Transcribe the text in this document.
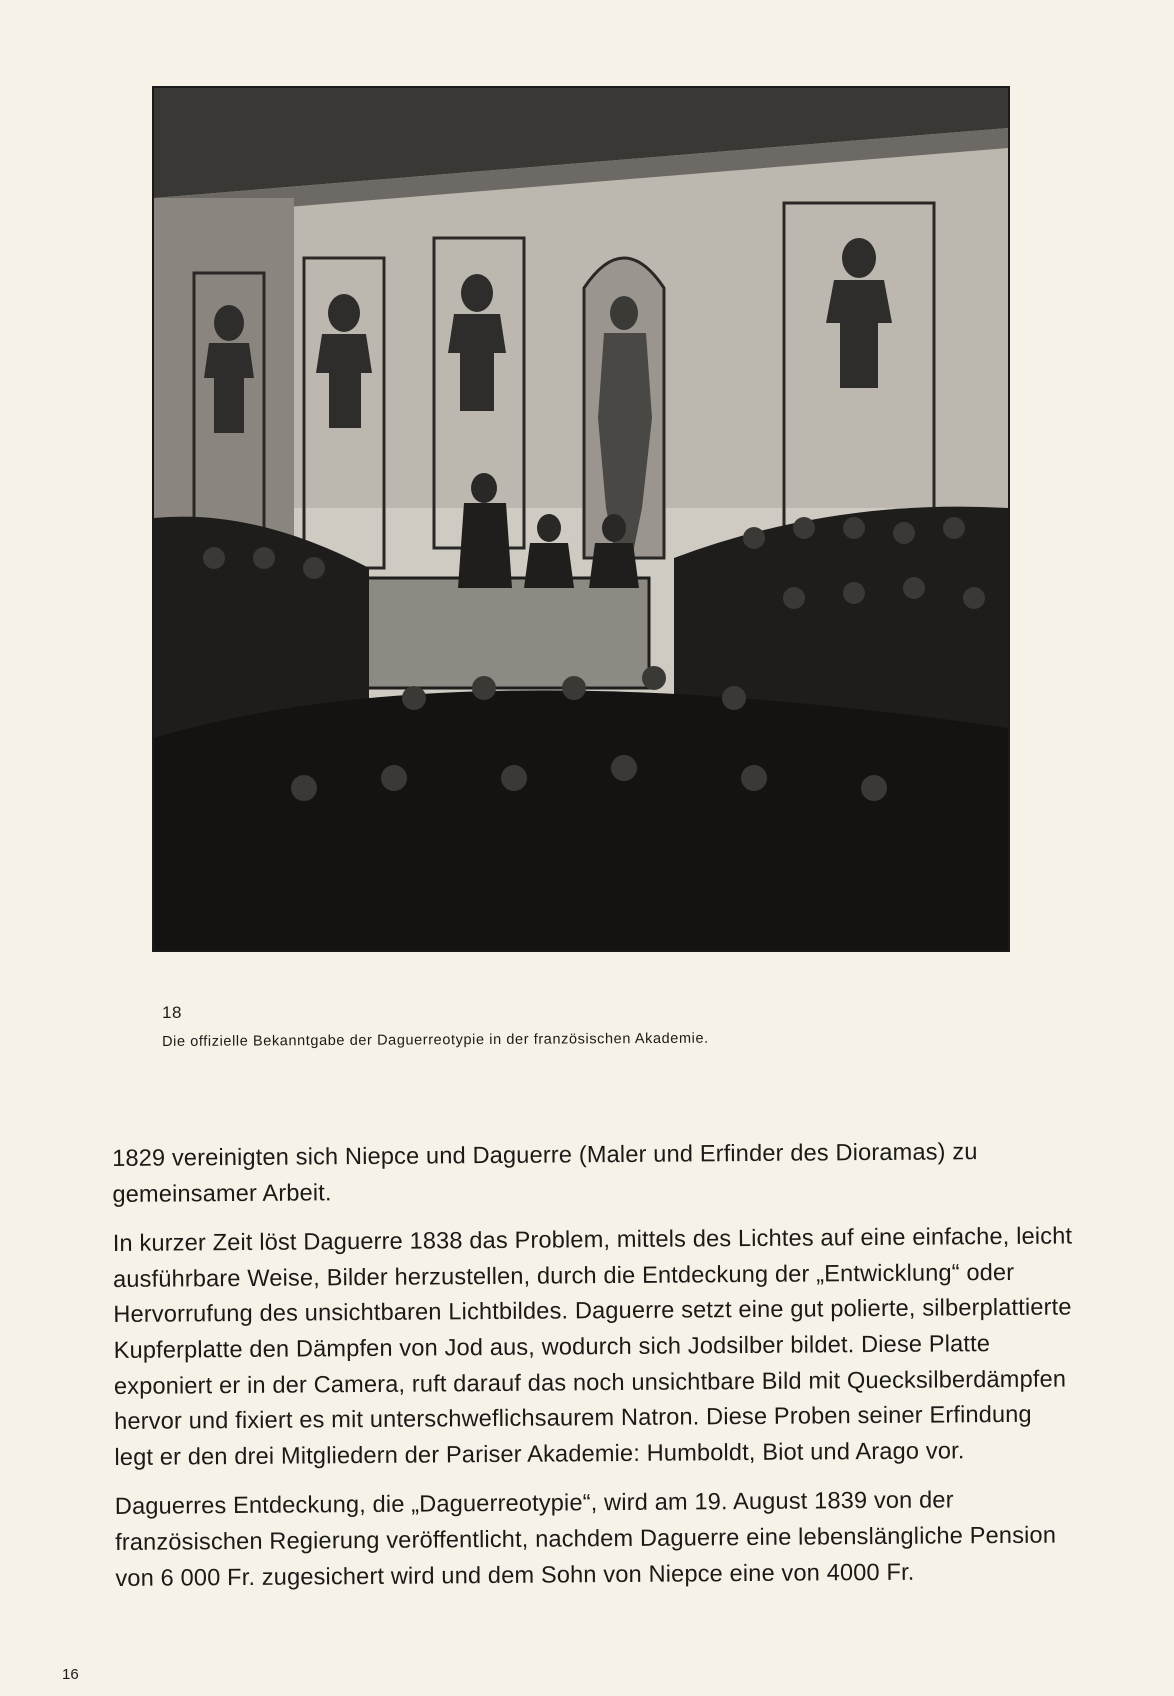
18
Die offizielle Bekanntgabe der Daguerreotypie in der französischen Akademie.

1829 vereinigten sich Niepce und Daguerre (Maler und Erfinder des Dioramas) zu gemeinsamer Arbeit.

In kurzer Zeit löst Daguerre 1838 das Problem, mittels des Lichtes auf eine einfache, leicht ausführbare Weise, Bilder herzustellen, durch die Entdeckung der „Entwicklung“ oder Hervorrufung des unsichtbaren Lichtbildes. Daguerre setzt eine gut polierte, silberplattierte Kupferplatte den Dämpfen von Jod aus, wodurch sich Jodsilber bildet. Diese Platte exponiert er in der Camera, ruft darauf das noch unsichtbare Bild mit Quecksilberdämpfen hervor und fixiert es mit unterschweflichsaurem Natron. Diese Proben seiner Erfindung legt er den drei Mitgliedern der Pariser Akademie: Humboldt, Biot und Arago vor.

Daguerres Entdeckung, die „Daguerreotypie“, wird am 19. August 1839 von der französischen Regierung veröffentlicht, nachdem Daguerre eine lebenslängliche Pension von 6 000 Fr. zugesichert wird und dem Sohn von Niepce eine von 4000 Fr.

16
